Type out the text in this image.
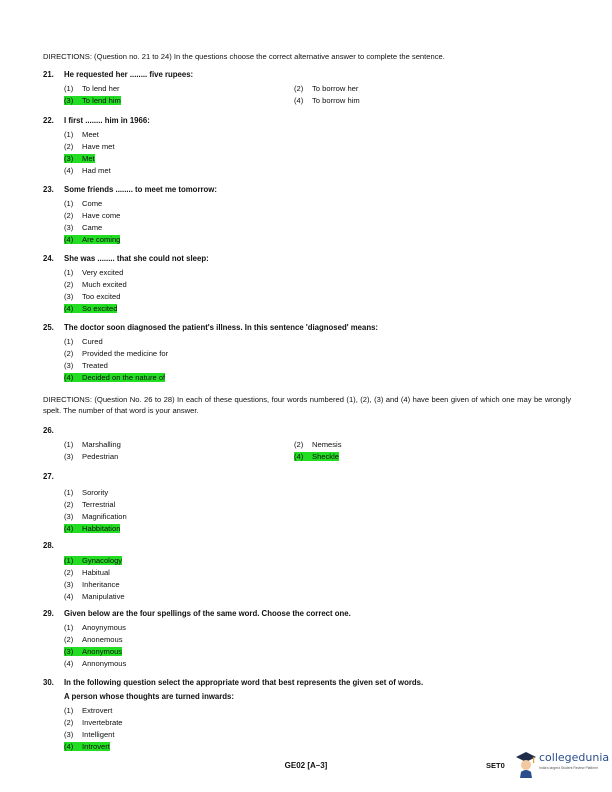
DIRECTIONS: (Question no. 21 to 24) In the questions choose the correct alternative answer to complete the sentence.
21. He requested her ........ five rupees:
(1) To lend her	(2) To borrow her
(3) To lend him	(4) To borrow him
22. I first ........ him in 1966:
(1) Meet
(2) Have met
(3) Met
(4) Had met
23. Some friends ........ to meet me tomorrow:
(1) Come
(2) Have come
(3) Came
(4) Are coming
24. She was ........ that she could not sleep:
(1) Very excited
(2) Much excited
(3) Too excited
(4) So excited
25. The doctor soon diagnosed the patient's illness. In this sentence 'diagnosed' means:
(1) Cured
(2) Provided the medicine for
(3) Treated
(4) Decided on the nature of
DIRECTIONS: (Question No. 26 to 28) In each of these questions, four words numbered (1), (2), (3) and (4) have been given of which one may be wrongly spelt. The number of that word is your answer.
26.
(1) Marshalling	(2) Nemesis
(3) Pedestrian	(4) Sheckle
27.
(1) Sorority
(2) Terrestrial
(3) Magnification
(4) Habbitation
28.
(1) Gynacology
(2) Habitual
(3) Inheritance
(4) Manipulative
29. Given below are the four spellings of the same word. Choose the correct one.
(1) Anoynymous
(2) Anonemous
(3) Anonymous
(4) Annonymous
30. In the following question select the appropriate word that best represents the given set of words.
A person whose thoughts are turned inwards:
(1) Extrovert
(2) Invertebrate
(3) Intelligent
(4) Introvert
GE02 [A–3]	SET0
collegedunia
India's largest Student Review Platform
